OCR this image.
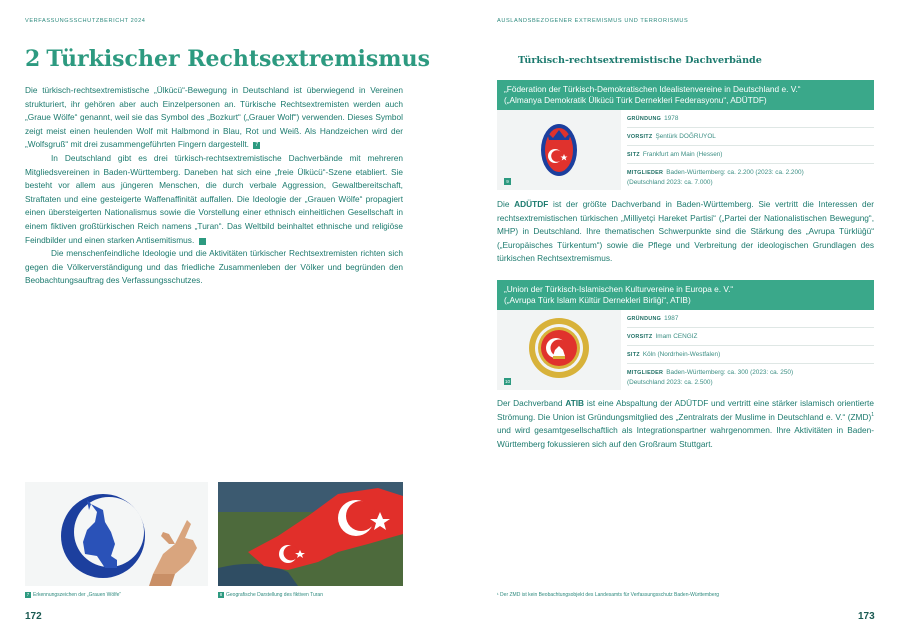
VERFASSUNGSSCHUTZBERICHT 2024
2 Türkischer Rechtsextremismus

Die türkisch-rechtsextremistische „Ülkücü“-Bewegung in Deutschland ist überwiegend in Vereinen strukturiert, ihr gehören aber auch Einzelpersonen an. Türkische Rechtsextremisten werden auch „Graue Wölfe“ genannt, weil sie das Symbol des „Bozkurt“ („Grauer Wolf“) verwenden. Dieses Symbol zeigt meist einen heulenden Wolf mit Halbmond in Blau, Rot und Weiß. Als Handzeichen wird der „Wolfsgruß“ mit drei zusammengeführten Fingern dargestellt. 7

In Deutschland gibt es drei türkisch-rechtsextremistische Dachverbände mit mehreren Mitgliedsvereinen in Baden-Württemberg. Daneben hat sich eine „freie Ülkücü“-Szene etabliert. Sie besteht vor allem aus jüngeren Menschen, die durch verbale Aggression, Gewaltbereitschaft, Straftaten und eine gesteigerte Waffenaffinität auffallen. Die Ideologie der „Grauen Wölfe“ propagiert einen übersteigerten Nationalismus sowie die Vorstellung einer ethnisch einheitlichen Gesellschaft in einem fiktiven großtürkischen Reich namens „Turan“. Das Weltbild beinhaltet ethnische und religiöse Feindbilder und einen starken Antisemitismus.	8

Die menschenfeindliche Ideologie und die Aktivitäten türkischer Rechtsextremisten richten sich gegen die Völkerverständigung und das friedliche Zusammenleben der Völker und begründen den Beobachtungsauftrag des Verfassungsschutzes.

7 Erkennungszeichen der „Grauen Wölfe“	8 Geografische Darstellung des fiktiven Turan
172
AUSLANDSBEZOGENER EXTREMISMUS UND TERRORISMUS
Türkisch-rechtsextremistische Dachverbände
„Föderation der Türkisch-Demokratischen Idealistenvereine in Deutschland e. V.“
(„Almanya Demokratik Ülkücü Türk Dernekleri Federasyonu“, ADÜTDF)
9
GRÜNDUNG 1978
VORSITZ Şentürk DOĞRUYOL
SITZ Frankfurt am Main (Hessen)
MITGLIEDER Baden-Württemberg: ca. 2.200 (2023: ca. 2.200)
(Deutschland 2023: ca. 7.000)

Die ADÜTDF ist der größte Dachverband in Baden-Württemberg. Sie vertritt die Interessen der rechtsextremistischen türkischen „Milliyetçi Hareket Partisi“ („Partei der Nationalistischen Bewegung“, MHP) in Deutschland. Ihre thematischen Schwerpunkte sind die Stärkung des „Avrupa Türklüğü“ („Europäisches Türkentum“) sowie die Pflege und Verbreitung der ideologischen Grundlagen des türkischen Rechtsextremismus.

„Union der Türkisch-Islamischen Kulturvereine in Europa e. V.“
(„Avrupa Türk Islam Kültür Dernekleri Birliği“, ATIB)
10
GRÜNDUNG 1987
VORSITZ Imam CENGIZ
SITZ Köln (Nordrhein-Westfalen)
MITGLIEDER Baden-Württemberg: ca. 300 (2023: ca. 250)
(Deutschland 2023: ca. 2.500)

Der Dachverband ATIB ist eine Abspaltung der ADÜTDF und vertritt eine stärker islamisch orientierte Strömung. Die Union ist Gründungsmitglied des „Zentralrats der Muslime in Deutschland e. V.“ (ZMD)$^1$ und wird gesamtgesellschaftlich als Integrationspartner wahrgenommen. Ihre Aktivitäten in Baden-Württemberg fokussieren sich auf den Großraum Stuttgart.

¹ Der ZMD ist kein Beobachtungsobjekt des Landesamts für Verfassungsschutz Baden-Württemberg
173
